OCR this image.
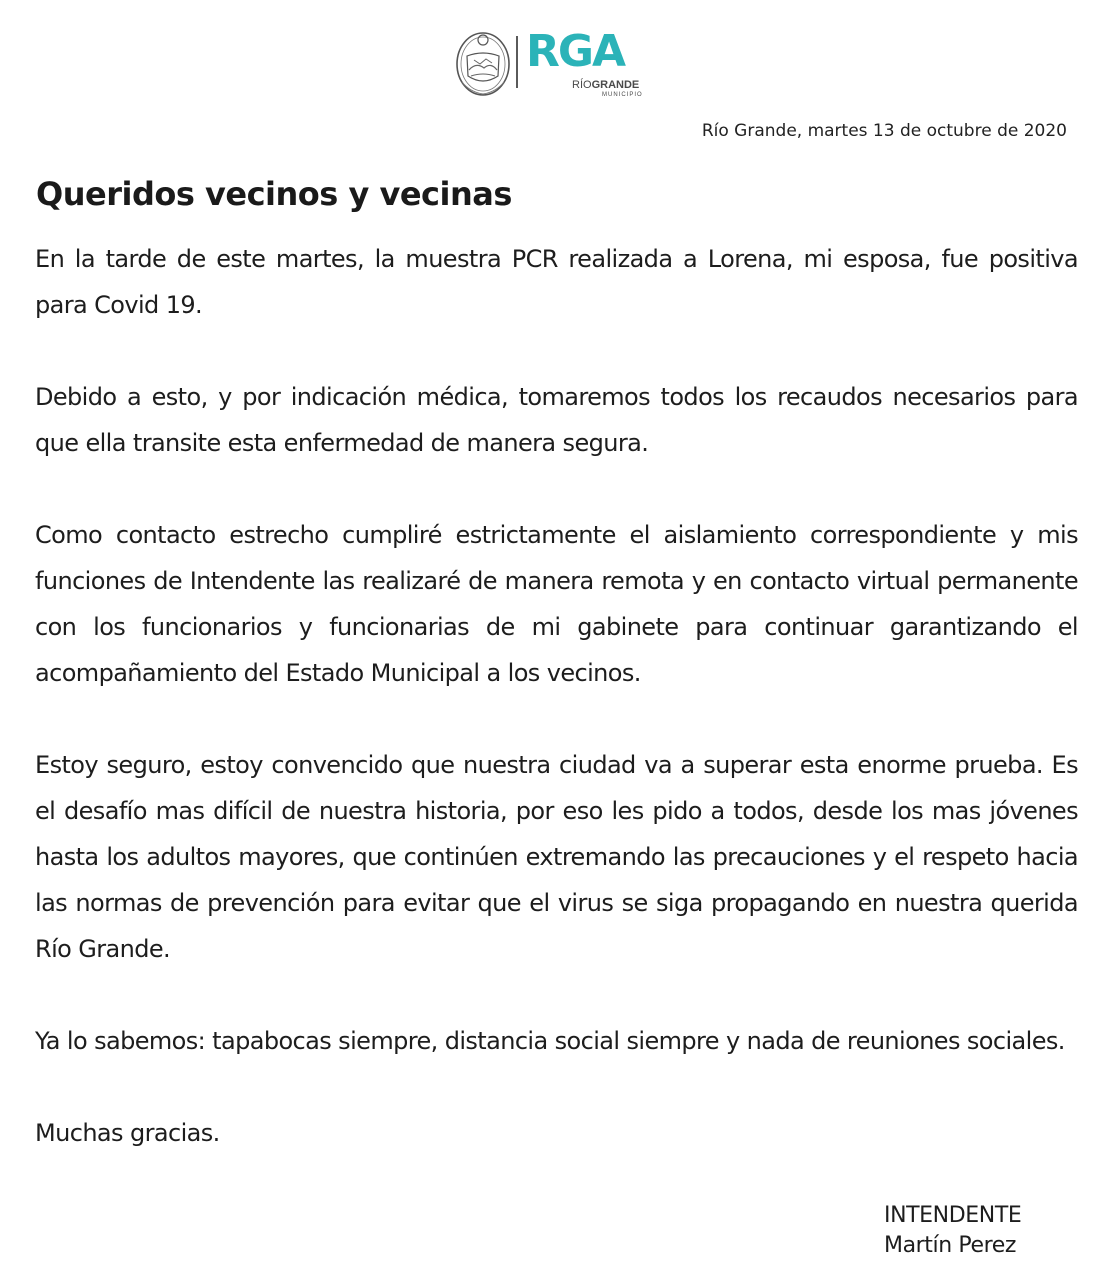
RGA
RÍOGRANDE
MUNICIPIO
Río Grande, martes 13 de octubre de 2020
Queridos vecinos y vecinas

En la tarde de este martes, la muestra PCR realizada a Lorena, mi esposa, fue positiva para Covid 19.

Debido a esto, y por indicación médica, tomaremos todos los recaudos necesarios para que ella transite esta enfermedad de manera segura.

Como contacto estrecho cumpliré estrictamente el aislamiento correspondiente y mis funciones de Intendente las realizaré de manera remota y en contacto virtual permanente con los funcionarios y funcionarias de mi gabinete para continuar garantizando el acompañamiento del Estado Municipal a los vecinos.

Estoy seguro, estoy convencido que nuestra ciudad va a superar esta enorme prueba. Es el desafío mas difícil de nuestra historia, por eso les pido a todos, desde los mas jóvenes hasta los adultos mayores, que continúen extremando las precauciones y el respeto hacia las normas de prevención para evitar que el virus se siga propagando en nuestra querida Río Grande.

Ya lo sabemos: tapabocas siempre, distancia social siempre y nada de reuniones sociales.

Muchas gracias.

INTENDENTE
Martín Perez
